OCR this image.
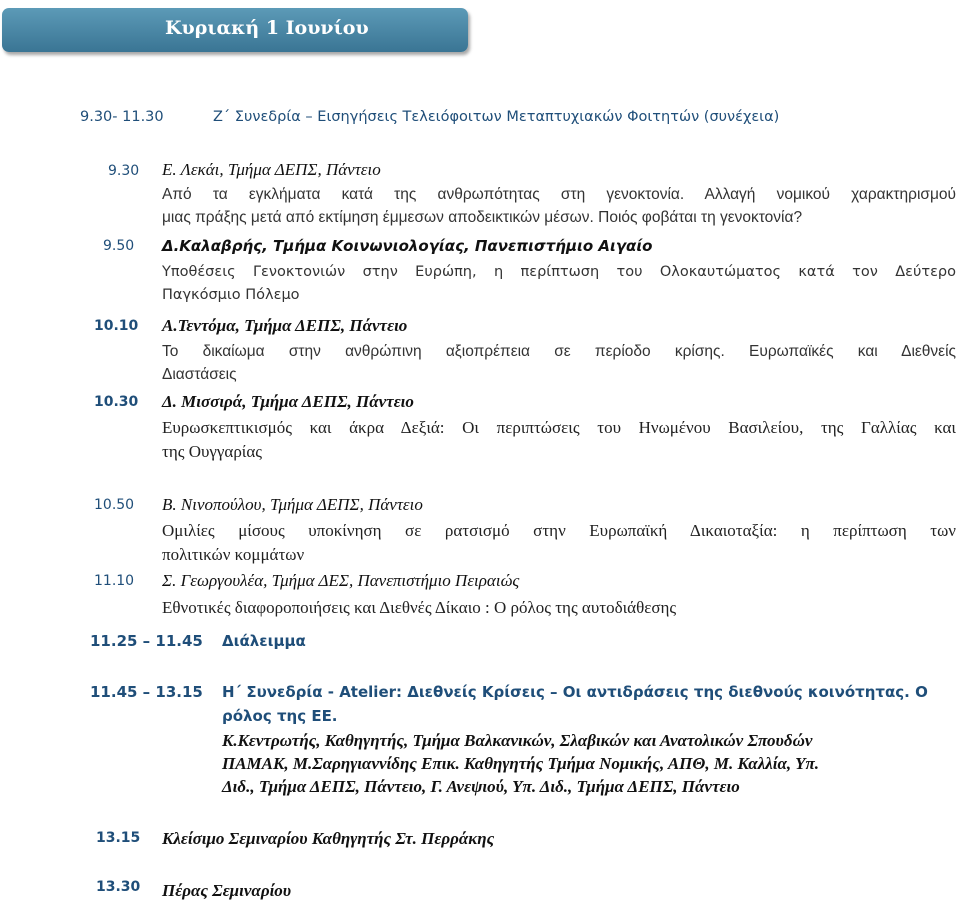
Κυριακή 1 Ιουνίου
9.30- 11.30	Ζ΄ Συνεδρία – Εισηγήσεις Τελειόφοιτων Μεταπτυχιακών Φοιτητών (συνέχεια)
9.30 Ε. Λεκάι, Τμήμα ΔΕΠΣ, Πάντειο
Από τα εγκλήματα κατά της ανθρωπότητας στη γενοκτονία. Αλλαγή νομικού χαρακτηρισμού
μιας πράξης μετά από εκτίμηση έμμεσων αποδεικτικών μέσων. Ποιός φοβάται τη γενοκτονία?
9.50 Δ.Καλαβρής, Τμήμα Κοινωνιολογίας, Πανεπιστήμιο Αιγαίο
Υποθέσεις Γενοκτονιών στην Ευρώπη, η περίπτωση του Ολοκαυτώματος κατά τον Δεύτερο
Παγκόσμιο Πόλεμο
10.10 Α.Τεντόμα, Τμήμα ΔΕΠΣ, Πάντειο
Το δικαίωμα στην ανθρώπινη αξιοπρέπεια σε περίοδο κρίσης. Ευρωπαϊκές και Διεθνείς
Διαστάσεις
10.30 Δ. Μισσιρά, Τμήμα ΔΕΠΣ, Πάντειο
Ευρωσκεπτικισμός και άκρα Δεξιά: Οι περιπτώσεις του Ηνωμένου Βασιλείου, της Γαλλίας και
της Ουγγαρίας
10.50 Β. Νινοπούλου, Τμήμα ΔΕΠΣ, Πάντειο
Ομιλίες μίσους υποκίνηση σε ρατσισμό στην Ευρωπαϊκή Δικαιοταξία: η περίπτωση των
πολιτικών κομμάτων
11.10 Σ. Γεωργουλέα, Τμήμα ΔΕΣ, Πανεπιστήμιο Πειραιώς
Εθνοτικές διαφοροποιήσεις και Διεθνές Δίκαιο : Ο ρόλος της αυτοδιάθεσης
11.25 – 11.45 Διάλειμμα
11.45 – 13.15 Η΄ Συνεδρία - Atelier: Διεθνείς Κρίσεις – Οι αντιδράσεις της διεθνούς κοινότητας. Ο
ρόλος της ΕΕ.
Κ.Κεντρωτής, Καθηγητής, Τμήμα Βαλκανικών, Σλαβικών και Ανατολικών Σπουδών
ΠΑΜΑΚ, Μ.Σαρηγιαννίδης Επικ. Καθηγητής Τμήμα Νομικής, ΑΠΘ, Μ. Καλλία, Υπ.
Διδ., Τμήμα ΔΕΠΣ, Πάντειο, Γ. Ανεψιού, Υπ. Διδ., Τμήμα ΔΕΠΣ, Πάντειο
13.15 Κλείσιμο Σεμιναρίου Καθηγητής Στ. Περράκης
13.30 Πέρας Σεμιναρίου
